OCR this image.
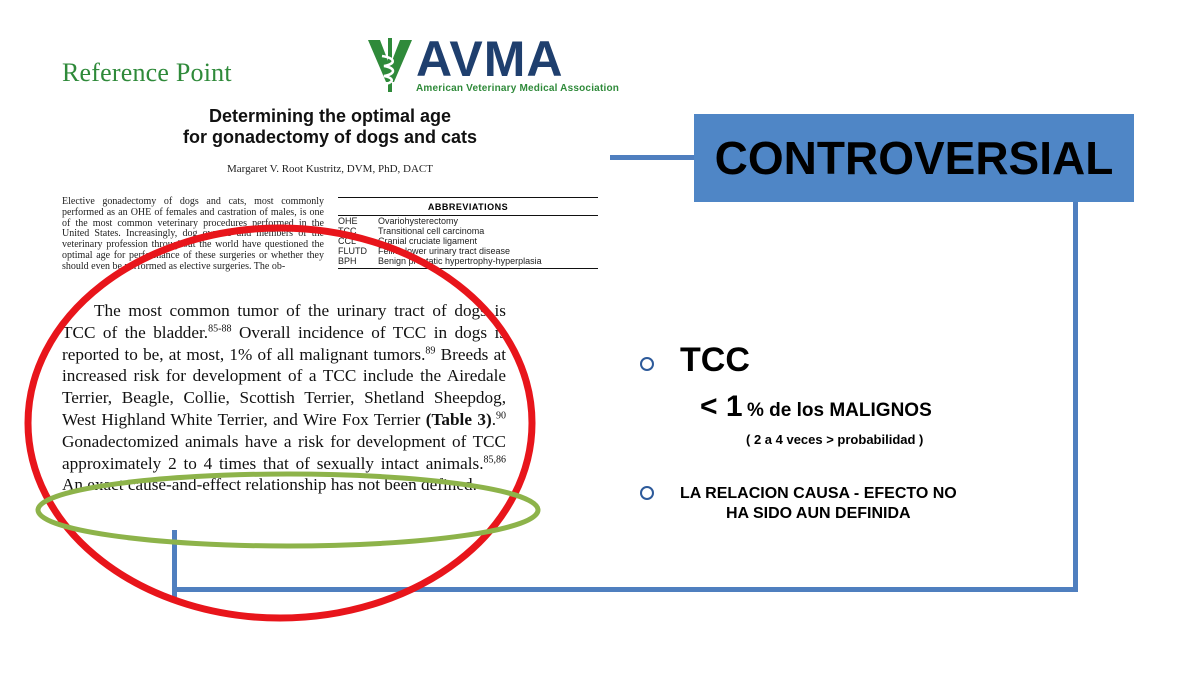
Reference Point	AVMA
American Veterinary Medical Association
Determining the optimal age
for gonadectomy of dogs and cats
Margaret V. Root Kustritz, DVM, PhD, DACT
Elective gonadectomy of dogs and cats, most commonly performed as an OHE of females and castration of males, is one of the most common veterinary procedures performed in the United States. Increasingly, dog owners and members of the veterinary profession throughout the world have questioned the optimal age for performance of these surgeries or whether they should even be performed as elective surgeries. The ob-
ABBREVIATIONS
OHE	Ovariohysterectomy
TCC	Transitional cell carcinoma
CCL	Cranial cruciate ligament
FLUTD	Feline lower urinary tract disease
BPH	Benign prostatic hypertrophy-hyperplasia
The most common tumor of the urinary tract of dogs is TCC of the bladder.$^{85-88}$ Overall incidence of TCC in dogs is reported to be, at most, 1% of all malignant tumors.$^{89}$ Breeds at increased risk for development of a TCC include the Airedale Terrier, Beagle, Collie, Scottish Terrier, Shetland Sheepdog, West Highland White Terrier, and Wire Fox Terrier (Table 3).$^{90}$ Gonadectomized animals have a risk for development of TCC approximately 2 to 4 times that of sexually intact animals.$^{85,86}$ An exact cause-and-effect relationship has not been defined.
CONTROVERSIAL
TCC
< 1 % de los MALIGNOS
( 2 a 4 veces > probabilidad )
LA RELACION CAUSA - EFECTO NO
HA SIDO AUN DEFINIDA
